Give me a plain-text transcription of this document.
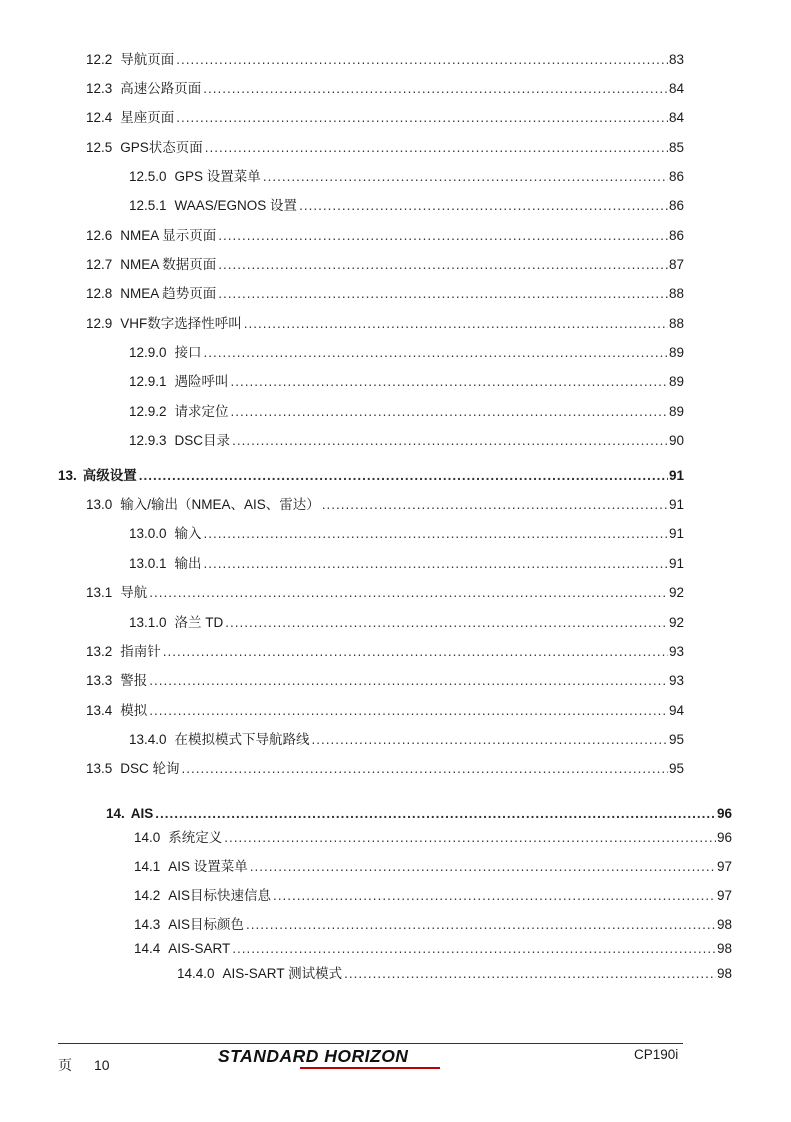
12.2 导航页面 .....	83
12.3 高速公路页面 .....	84
12.4 星座页面 .....	84
12.5 GPS状态页面 .....	85
12.5.0 GPS 设置菜单 .....	86
12.5.1 WAAS/EGNOS 设置 .....	86
12.6 NMEA 显示页面 .....	86
12.7 NMEA 数据页面 .....	87
12.8 NMEA 趋势页面 .....	88
12.9 VHF数字选择性呼叫 .....	88
12.9.0 接口 .....	89
12.9.1 遇险呼叫 .....	89
12.9.2 请求定位 .....	89
12.9.3 DSC目录 .....	90
13. 高级设置 .....	91
13.0 输入/输出（NMEA、AIS、雷达） .....	91
13.0.0 输入 .....	91
13.0.1 输出 .....	91
13.1 导航 .....	92
13.1.0 洛兰 TD .....	92
13.2 指南针 .....	93
13.3 警报 .....	93
13.4 模拟 .....	94
13.4.0 在模拟模式下导航路线 .....	95
13.5 DSC 轮询 .....	95
14. AIS .....	96
14.0 系统定义 .....	96
14.1 AIS 设置菜单 .....	97
14.2 AIS目标快速信息 .....	97
14.3 AIS目标颜色 .....	98
14.4 AIS-SART .....	98
14.4.0 AIS-SART 测试模式 .....	98
页 10	STANDARD HORIZON	CP190i
